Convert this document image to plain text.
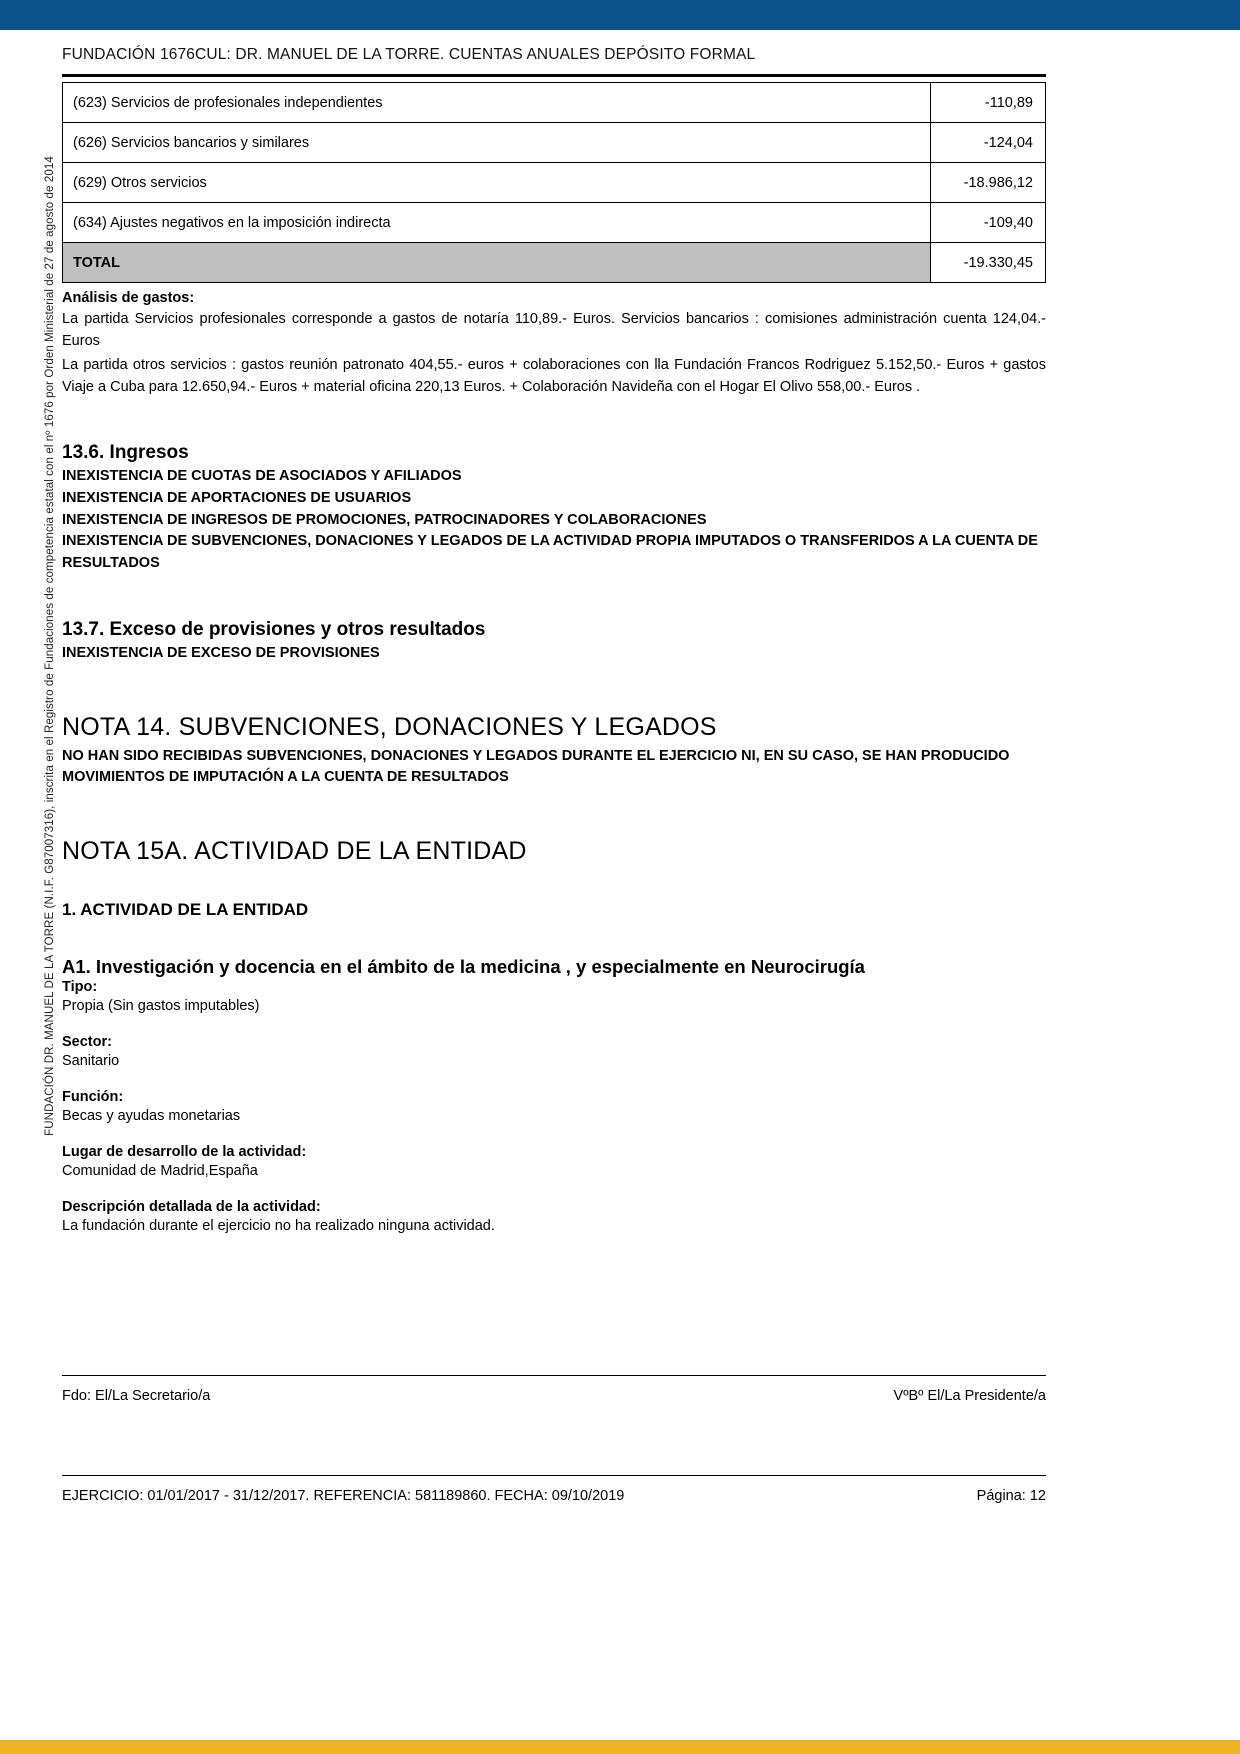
FUNDACIÓN DR. MANUEL DE LA TORRE (N.I.F. G87007316), inscrita en el Registro de Fundaciones de competencia estatal con el nº 1676 por Orden Ministerial de 27 de agosto de 2014
FUNDACIÓN 1676CUL: DR. MANUEL DE LA TORRE. CUENTAS ANUALES DEPÓSITO FORMAL
(623) Servicios de profesionales independientes	-110,89
(626) Servicios bancarios y similares	-124,04
(629) Otros servicios	-18.986,12
(634) Ajustes negativos en la imposición indirecta	-109,40
TOTAL	-19.330,45
Análisis de gastos:
La partida Servicios profesionales corresponde a gastos de notaría 110,89.- Euros. Servicios bancarios : comisiones administración cuenta 124,04.- Euros
La partida otros servicios : gastos reunión patronato 404,55.- euros + colaboraciones con lla Fundación Francos Rodriguez 5.152,50.- Euros + gastos Viaje a Cuba para 12.650,94.- Euros + material oficina 220,13 Euros. + Colaboración Navideña con el Hogar El Olivo 558,00.- Euros .
13.6. Ingresos
INEXISTENCIA DE CUOTAS DE ASOCIADOS Y AFILIADOS
INEXISTENCIA DE APORTACIONES DE USUARIOS
INEXISTENCIA DE INGRESOS DE PROMOCIONES, PATROCINADORES Y COLABORACIONES
INEXISTENCIA DE SUBVENCIONES, DONACIONES Y LEGADOS DE LA ACTIVIDAD PROPIA IMPUTADOS O TRANSFERIDOS A LA CUENTA DE RESULTADOS
13.7. Exceso de provisiones y otros resultados
INEXISTENCIA DE EXCESO DE PROVISIONES
NOTA 14. SUBVENCIONES, DONACIONES Y LEGADOS
NO HAN SIDO RECIBIDAS SUBVENCIONES, DONACIONES Y LEGADOS DURANTE EL EJERCICIO NI, EN SU CASO, SE HAN PRODUCIDO MOVIMIENTOS DE IMPUTACIÓN A LA CUENTA DE RESULTADOS
NOTA 15A. ACTIVIDAD DE LA ENTIDAD
1. ACTIVIDAD DE LA ENTIDAD
A1. Investigación y docencia en el ámbito de la medicina , y especialmente en Neurocirugía
Tipo:
Propia (Sin gastos imputables)
Sector:
Sanitario
Función:
Becas y ayudas monetarias
Lugar de desarrollo de la actividad:
Comunidad de Madrid,España
Descripción detallada de la actividad:
La fundación durante el ejercicio no ha realizado ninguna actividad.
Fdo: El/La Secretario/a	VºBº El/La Presidente/a
EJERCICIO: 01/01/2017 - 31/12/2017. REFERENCIA: 581189860. FECHA: 09/10/2019	Página: 12
